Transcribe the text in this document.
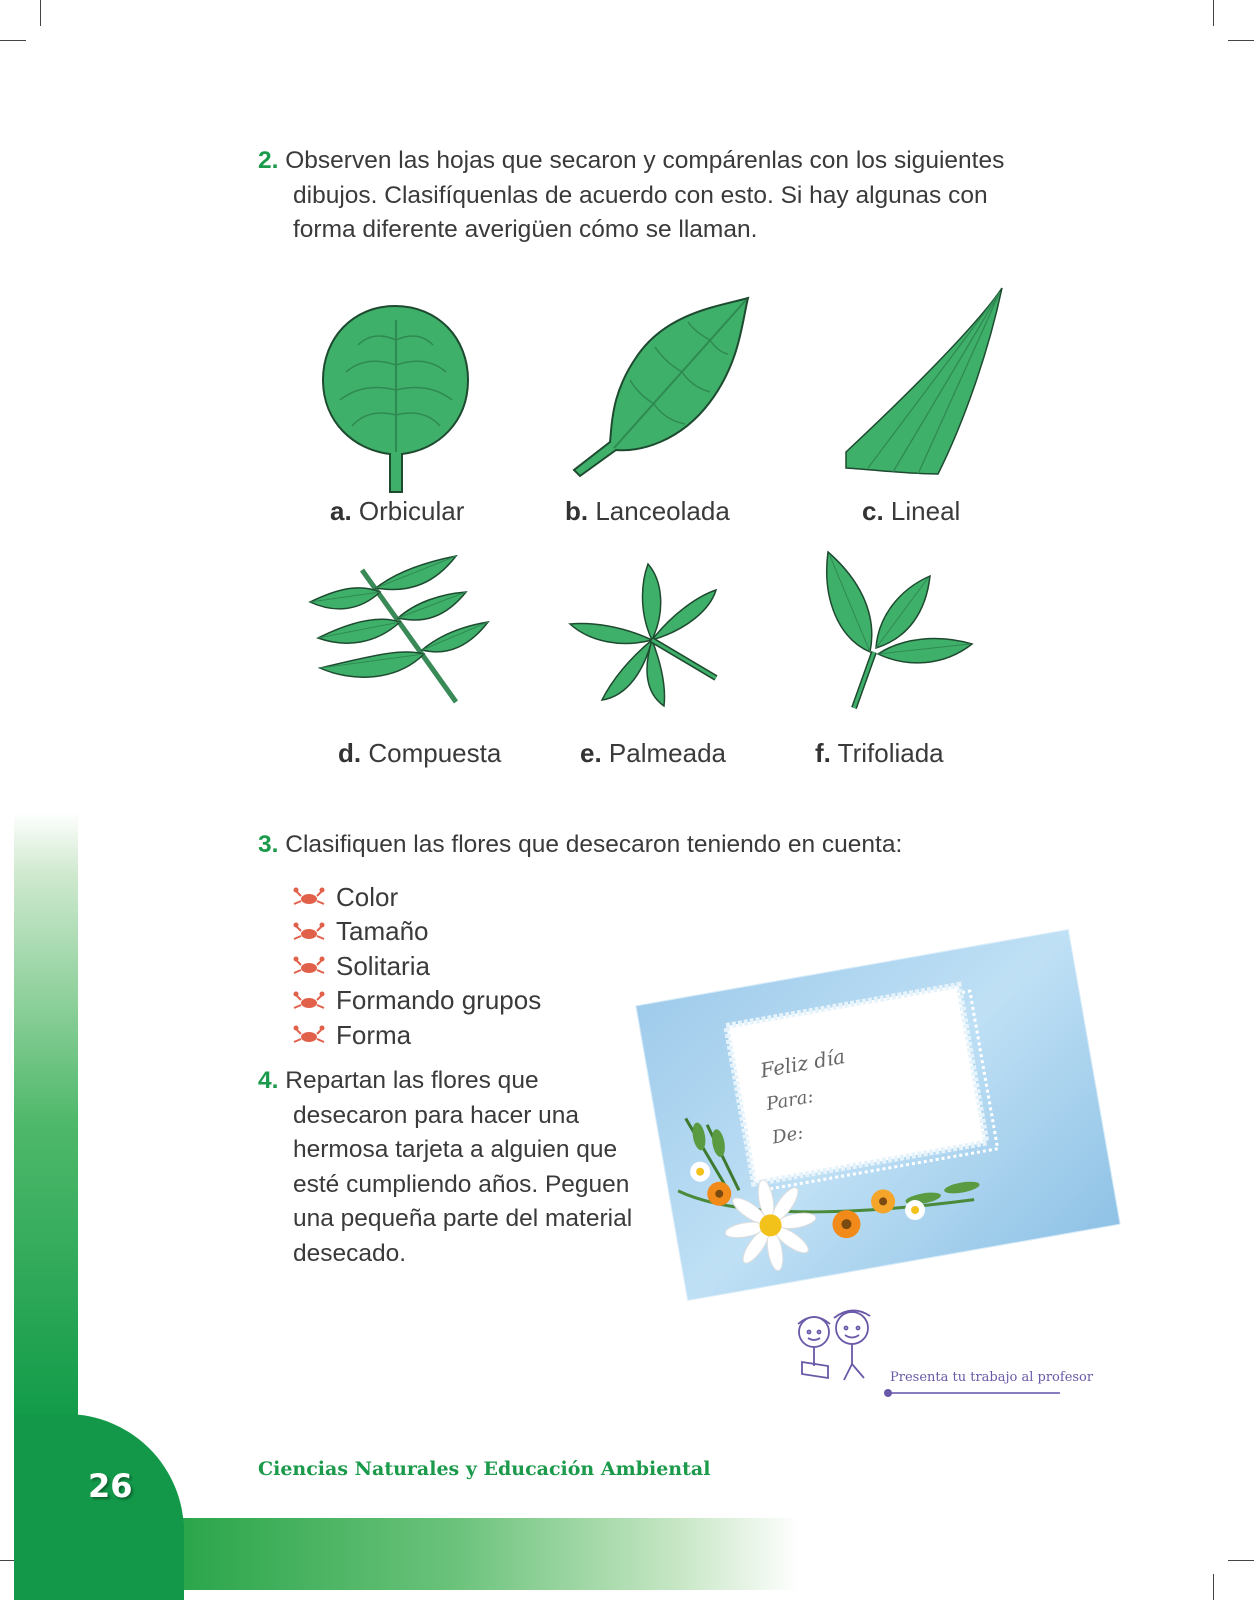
26	Ciencias Naturales y Educación Ambiental
2. Observen las hojas que secaron y compárenlas con los siguientes
dibujos. Clasifíquenlas de acuerdo con esto. Si hay algunas con
forma diferente averigüen cómo se llaman.
a. Orbicular	b. Lanceolada	c. Lineal
d. Compuesta	e. Palmeada	f. Trifoliada
3. Clasifiquen las flores que desecaron teniendo en cuenta:
Color
Tamaño
Solitaria
Formando grupos
Forma
4. Repartan las flores que
desecaron para hacer una
hermosa tarjeta a alguien que
esté cumpliendo años. Peguen
una pequeña parte del material
desecado.
Feliz día
Para:
De:
Presenta tu trabajo al profesor
